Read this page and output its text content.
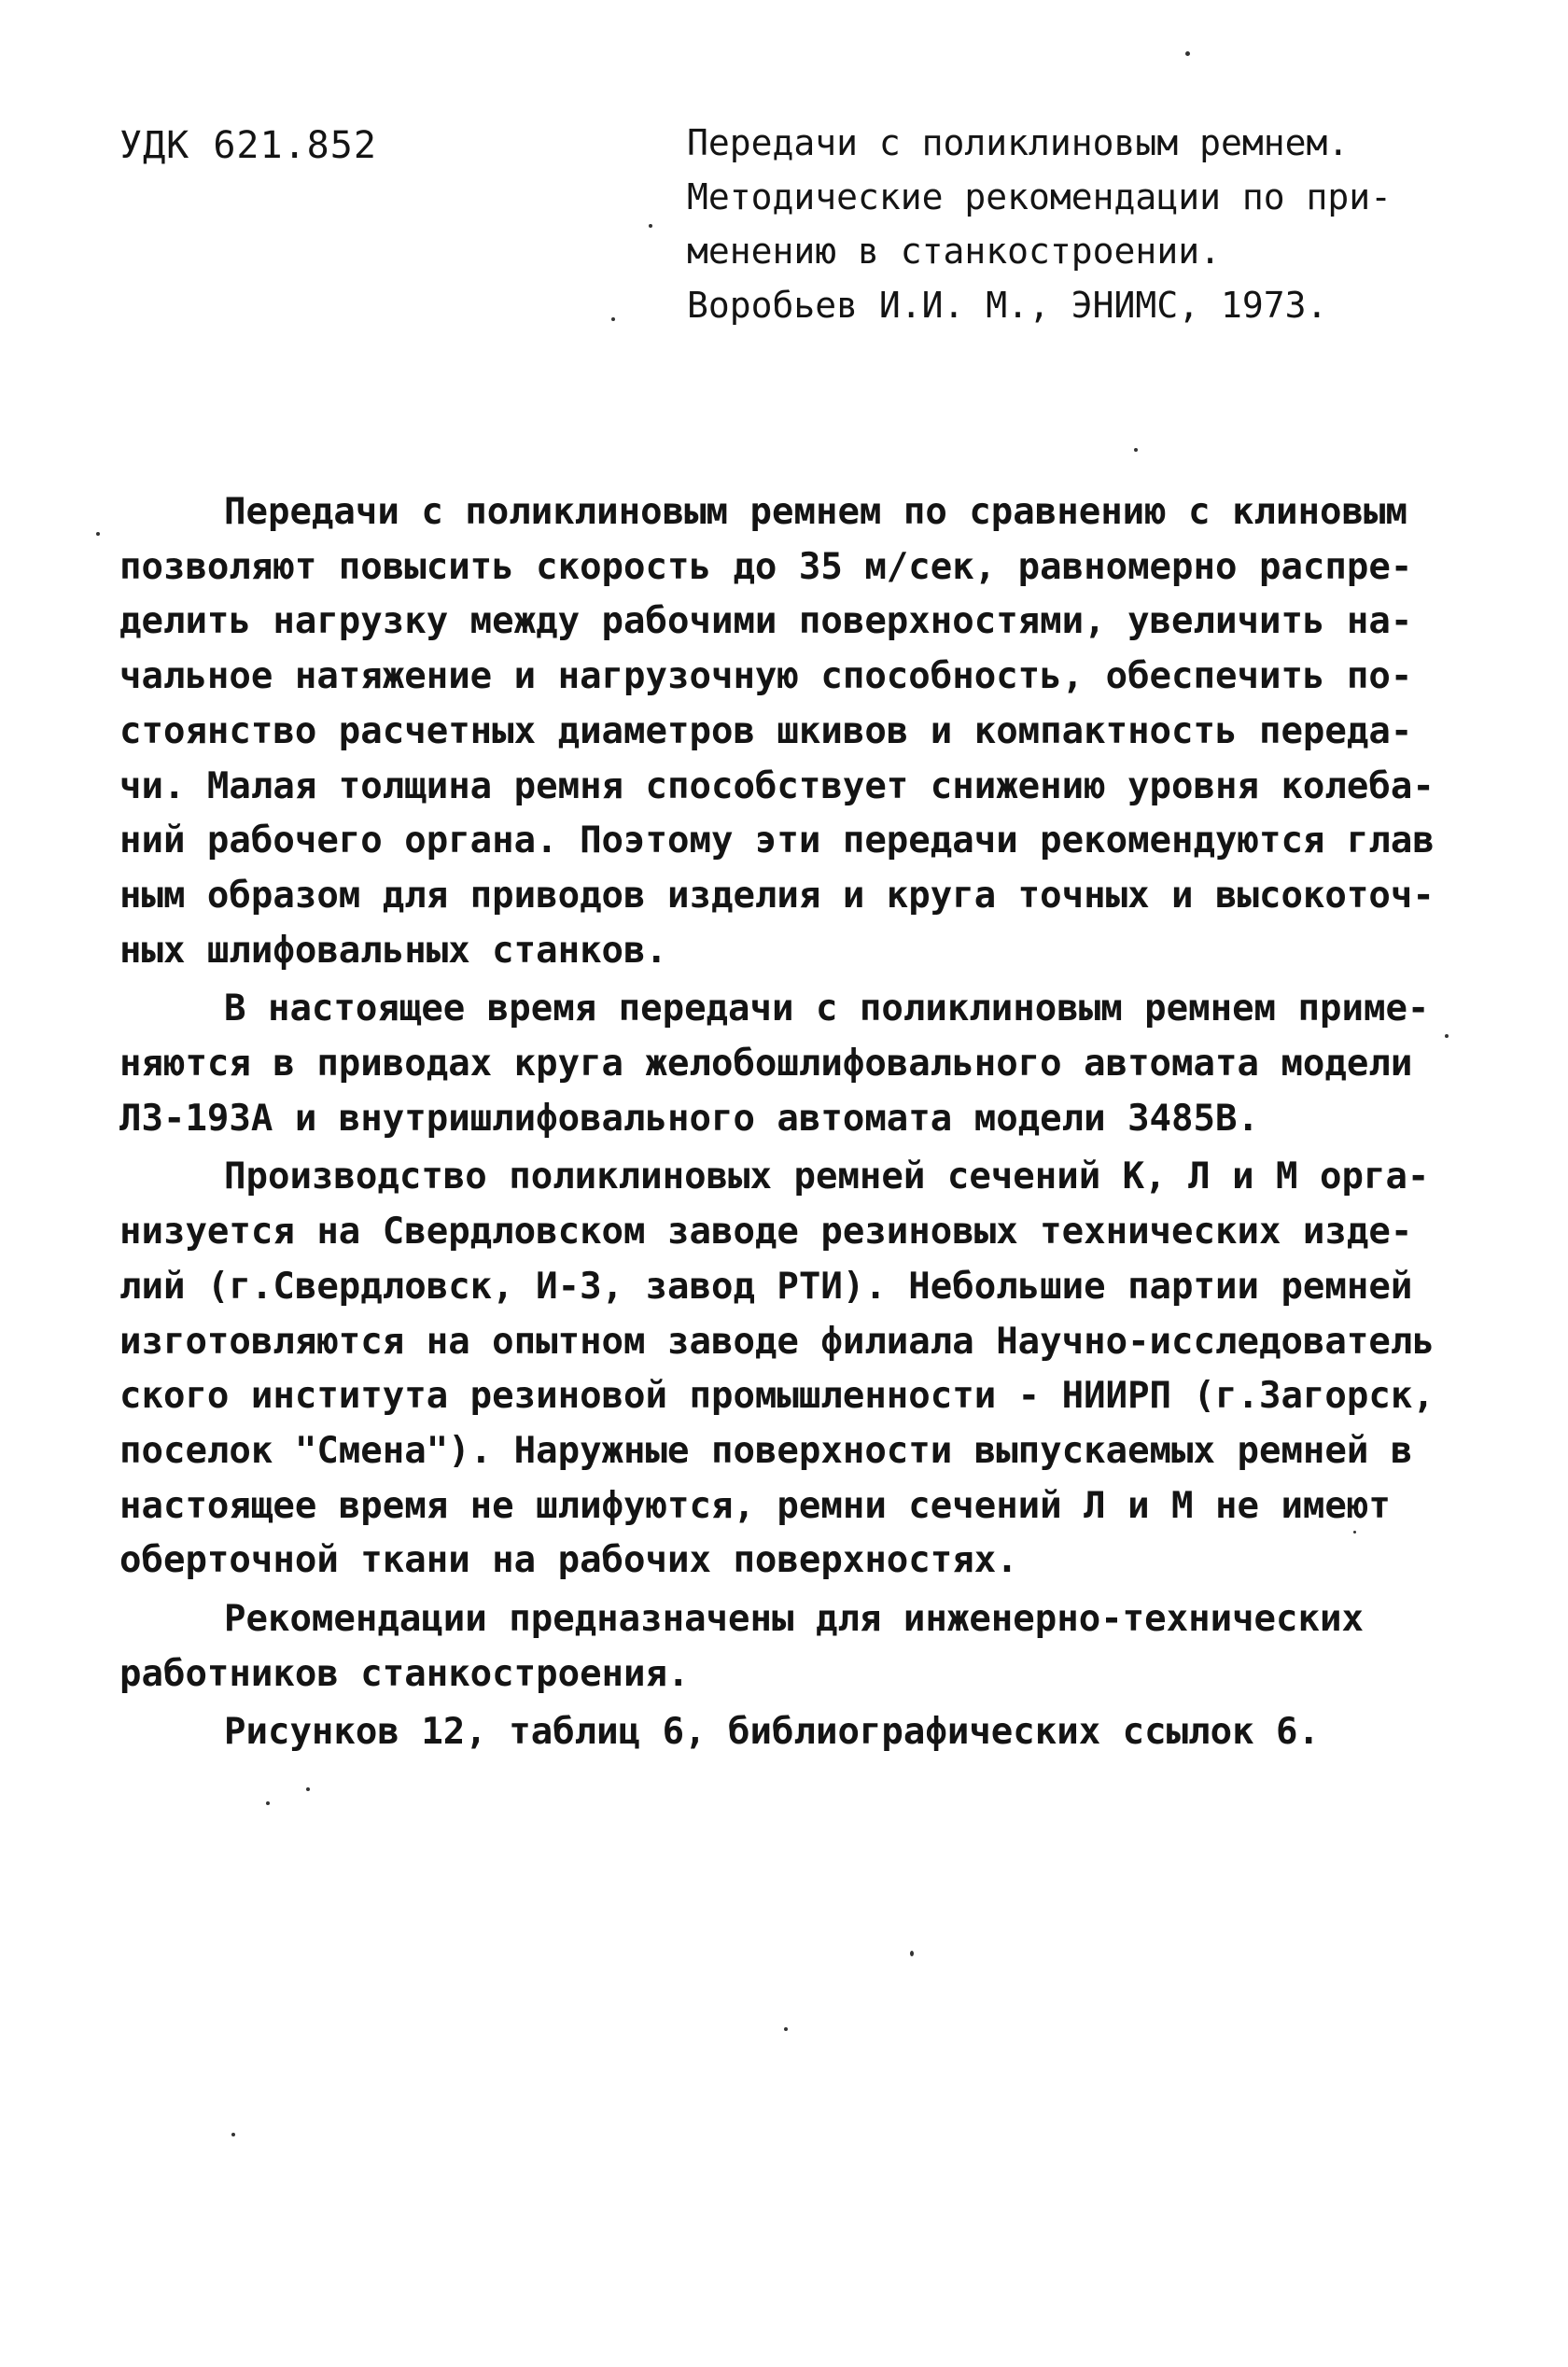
УДК 621.852	Передачи с поликлиновым ремнем.
Методические рекомендации по при-
менению в станкостроении.
Воробьев И.И. М., ЭНИМС, 1973.
Передачи с поликлиновым ремнем по сравнению с клиновым
позволяют повысить скорость до 35 м/сек, равномерно распре-
делить нагрузку между рабочими поверхностями, увеличить на-
чальное натяжение и нагрузочную способность, обеспечить по-
стоянство расчетных диаметров шкивов и компактность переда-
чи. Малая толщина ремня способствует снижению уровня колеба-
ний рабочего органа. Поэтому эти передачи рекомендуются глав
ным образом для приводов изделия и круга точных и высокоточ-
ных шлифовальных станков.
В настоящее время передачи с поликлиновым ремнем приме-
няются в приводах круга желобошлифовального автомата модели
ЛЗ-193А и внутришлифовального автомата модели 3485В.
Производство поликлиновых ремней сечений К, Л и М орга-
низуется на Свердловском заводе резиновых технических изде-
лий (г.Свердловск, И-3, завод РТИ). Небольшие партии ремней
изготовляются на опытном заводе филиала Научно-исследователь
ского института резиновой промышленности - НИИРП (г.Загорск,
поселок "Смена"). Наружные поверхности выпускаемых ремней в
настоящее время не шлифуются, ремни сечений Л и М не имеют
оберточной ткани на рабочих поверхностях.
Рекомендации предназначены для инженерно-технических
работников станкостроения.
Рисунков 12, таблиц 6, библиографических ссылок 6.
